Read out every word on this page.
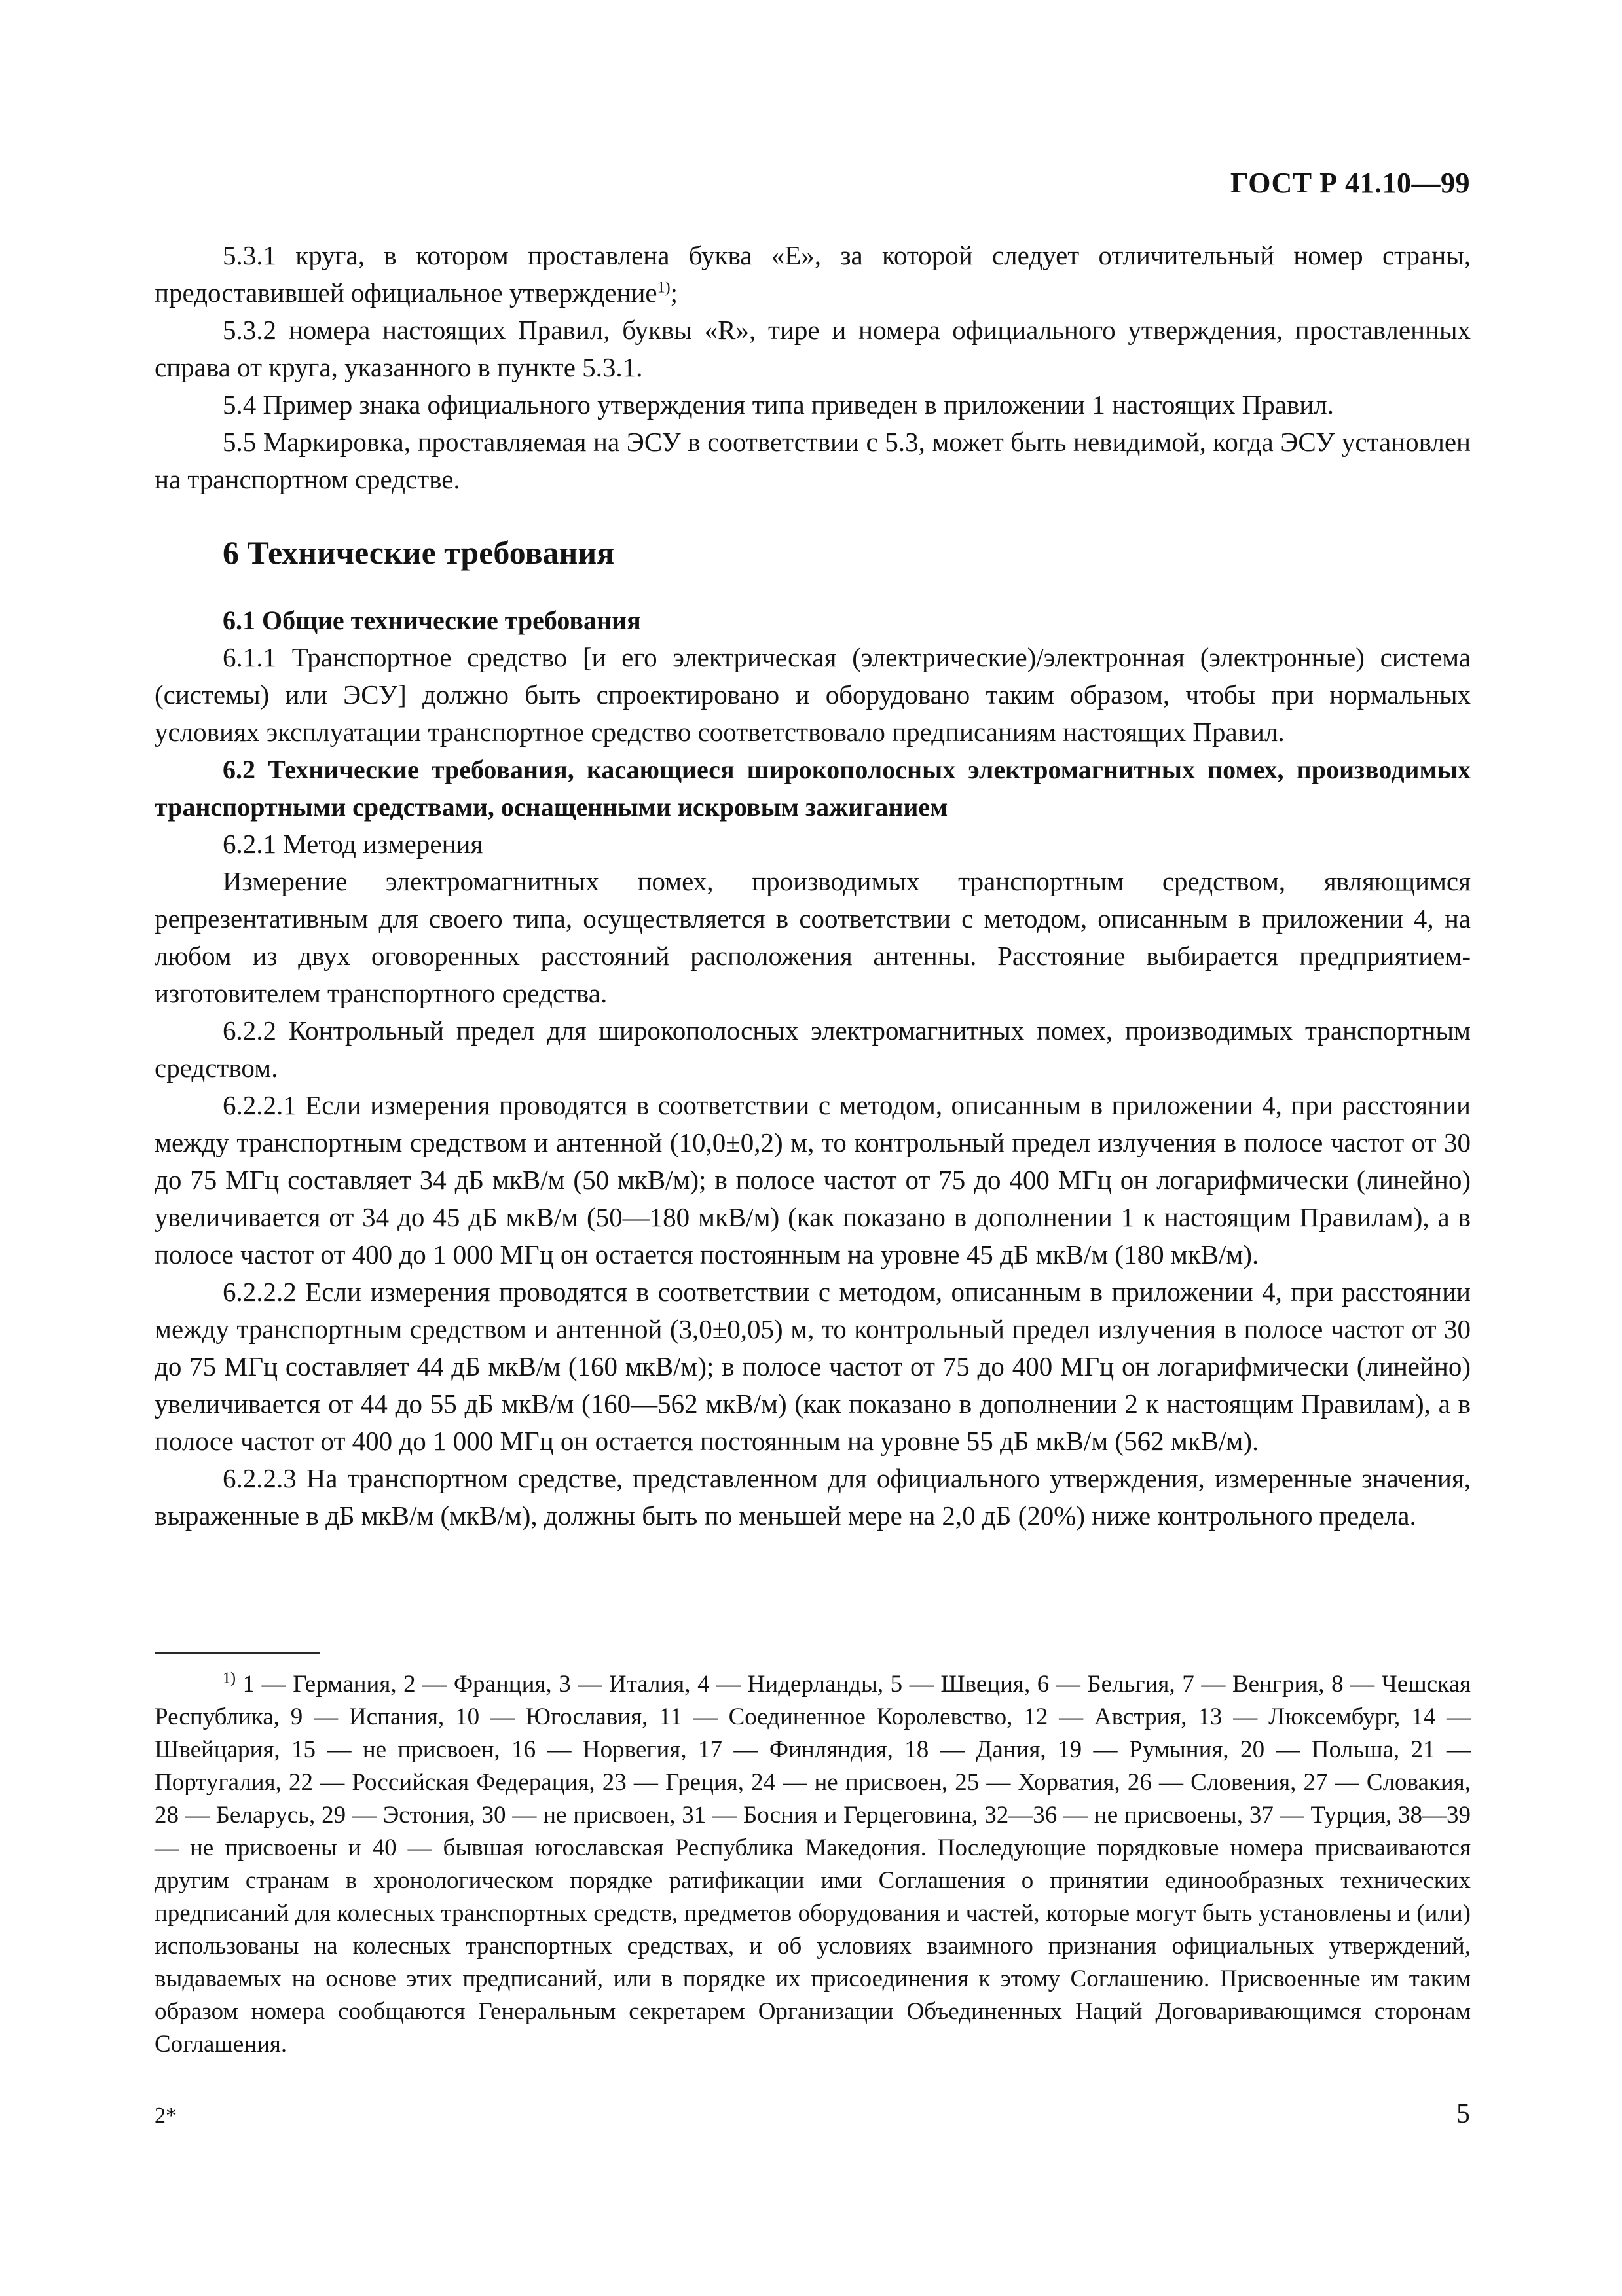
ГОСТ Р 41.10—99

5.3.1 круга, в котором проставлена буква «E», за которой следует отличительный номер страны, предоставившей официальное утверждение$^{1)}$;

5.3.2 номера настоящих Правил, буквы «R», тире и номера официального утверждения, проставленных справа от круга, указанного в пункте 5.3.1.

5.4 Пример знака официального утверждения типа приведен в приложении 1 настоящих Правил.

5.5 Маркировка, проставляемая на ЭСУ в соответствии с 5.3, может быть невидимой, когда ЭСУ установлен на транспортном средстве.

6 Технические требования

6.1 Общие технические требования

6.1.1 Транспортное средство [и его электрическая (электрические)/электронная (электронные) система (системы) или ЭСУ] должно быть спроектировано и оборудовано таким образом, чтобы при нормальных условиях эксплуатации транспортное средство соответствовало предписаниям настоящих Правил.

6.2 Технические требования, касающиеся широкополосных электромагнитных помех, производимых транспортными средствами, оснащенными искровым зажиганием

6.2.1 Метод измерения

Измерение электромагнитных помех, производимых транспортным средством, являющимся репрезентативным для своего типа, осуществляется в соответствии с методом, описанным в приложении 4, на любом из двух оговоренных расстояний расположения антенны. Расстояние выбирается предприятием-изготовителем транспортного средства.

6.2.2 Контрольный предел для широкополосных электромагнитных помех, производимых транспортным средством.

6.2.2.1 Если измерения проводятся в соответствии с методом, описанным в приложении 4, при расстоянии между транспортным средством и антенной (10,0±0,2) м, то контрольный предел излучения в полосе частот от 30 до 75 МГц составляет 34 дБ мкВ/м (50 мкВ/м); в полосе частот от 75 до 400 МГц он логарифмически (линейно) увеличивается от 34 до 45 дБ мкВ/м (50—180 мкВ/м) (как показано в дополнении 1 к настоящим Правилам), а в полосе частот от 400 до 1 000 МГц он остается постоянным на уровне 45 дБ мкВ/м (180 мкВ/м).

6.2.2.2 Если измерения проводятся в соответствии с методом, описанным в приложении 4, при расстоянии между транспортным средством и антенной (3,0±0,05) м, то контрольный предел излучения в полосе частот от 30 до 75 МГц составляет 44 дБ мкВ/м (160 мкВ/м); в полосе частот от 75 до 400 МГц он логарифмически (линейно) увеличивается от 44 до 55 дБ мкВ/м (160—562 мкВ/м) (как показано в дополнении 2 к настоящим Правилам), а в полосе частот от 400 до 1 000 МГц он остается постоянным на уровне 55 дБ мкВ/м (562 мкВ/м).

6.2.2.3 На транспортном средстве, представленном для официального утверждения, измеренные значения, выраженные в дБ мкВ/м (мкВ/м), должны быть по меньшей мере на 2,0 дБ (20%) ниже контрольного предела.

$^{1)}$ 1 — Германия, 2 — Франция, 3 — Италия, 4 — Нидерланды, 5 — Швеция, 6 — Бельгия, 7 — Венгрия, 8 — Чешская Республика, 9 — Испания, 10 — Югославия, 11 — Соединенное Королевство, 12 — Австрия, 13 — Люксембург, 14 — Швейцария, 15 — не присвоен, 16 — Норвегия, 17 — Финляндия, 18 — Дания, 19 — Румыния, 20 — Польша, 21 — Португалия, 22 — Российская Федерация, 23 — Греция, 24 — не присвоен, 25 — Хорватия, 26 — Словения, 27 — Словакия, 28 — Беларусь, 29 — Эстония, 30 — не присвоен, 31 — Босния и Герцеговина, 32—36 — не присвоены, 37 — Турция, 38—39 — не присвоены и 40 — бывшая югославская Республика Македония. Последующие порядковые номера присваиваются другим странам в хронологическом порядке ратификации ими Соглашения о принятии единообразных технических предписаний для колесных транспортных средств, предметов оборудования и частей, которые могут быть установлены и (или) использованы на колесных транспортных средствах, и об условиях взаимного признания официальных утверждений, выдаваемых на основе этих предписаний, или в порядке их присоединения к этому Соглашению. Присвоенные им таким образом номера сообщаются Генеральным секретарем Организации Объединенных Наций Договаривающимся сторонам Соглашения.

2*	5
